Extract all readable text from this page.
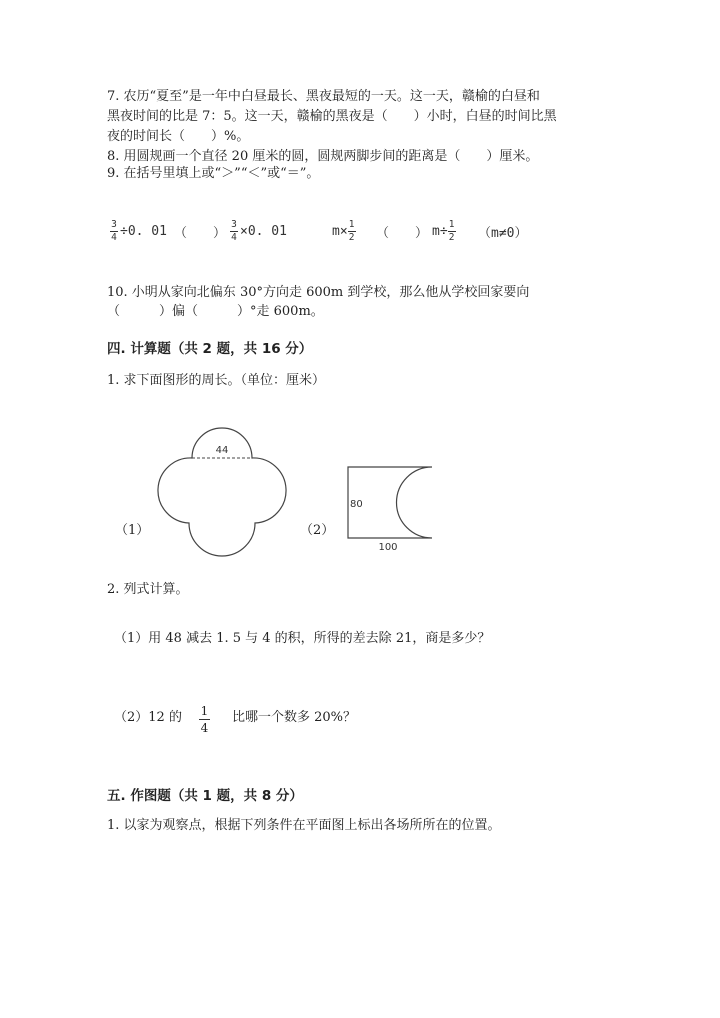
7. 农历“夏至”是一年中白昼最长、黑夜最短的一天。这一天，赣榆的白昼和
黑夜时间的比是 7：5。这一天，赣榆的黑夜是（　　）小时，白昼的时间比黑
夜的时间长（　　）%。
8. 用圆规画一个直径 20 厘米的圆，圆规两脚步间的距离是（　　）厘米。
9. 在括号里填上或“＞”“＜”或“＝”。
$\frac{3}{4} \div 0$. 01 （　　） $\frac{3}{4} \times 0$. 01	$m\times \frac{1}{2}$ （　　） $m\div \frac{1}{2} (m\ne 0)$
10. 小明从家向北偏东 30°方向走 600m 到学校，那么他从学校回家要向
（　　　）偏（　　　）°走 600m。
四. 计算题（共 2 题，共 16 分）
1. 求下面图形的周长。（单位：厘米）
（1）
44
（2）
80
100
2. 列式计算。
（1）用 48 减去 1. 5 与 4 的积，所得的差去除 21，商是多少？
（2）12 的 1
4
比哪一个数多 20%？
五. 作图题（共 1 题，共 8 分）
1. 以家为观察点，根据下列条件在平面图上标出各场所所在的位置。
